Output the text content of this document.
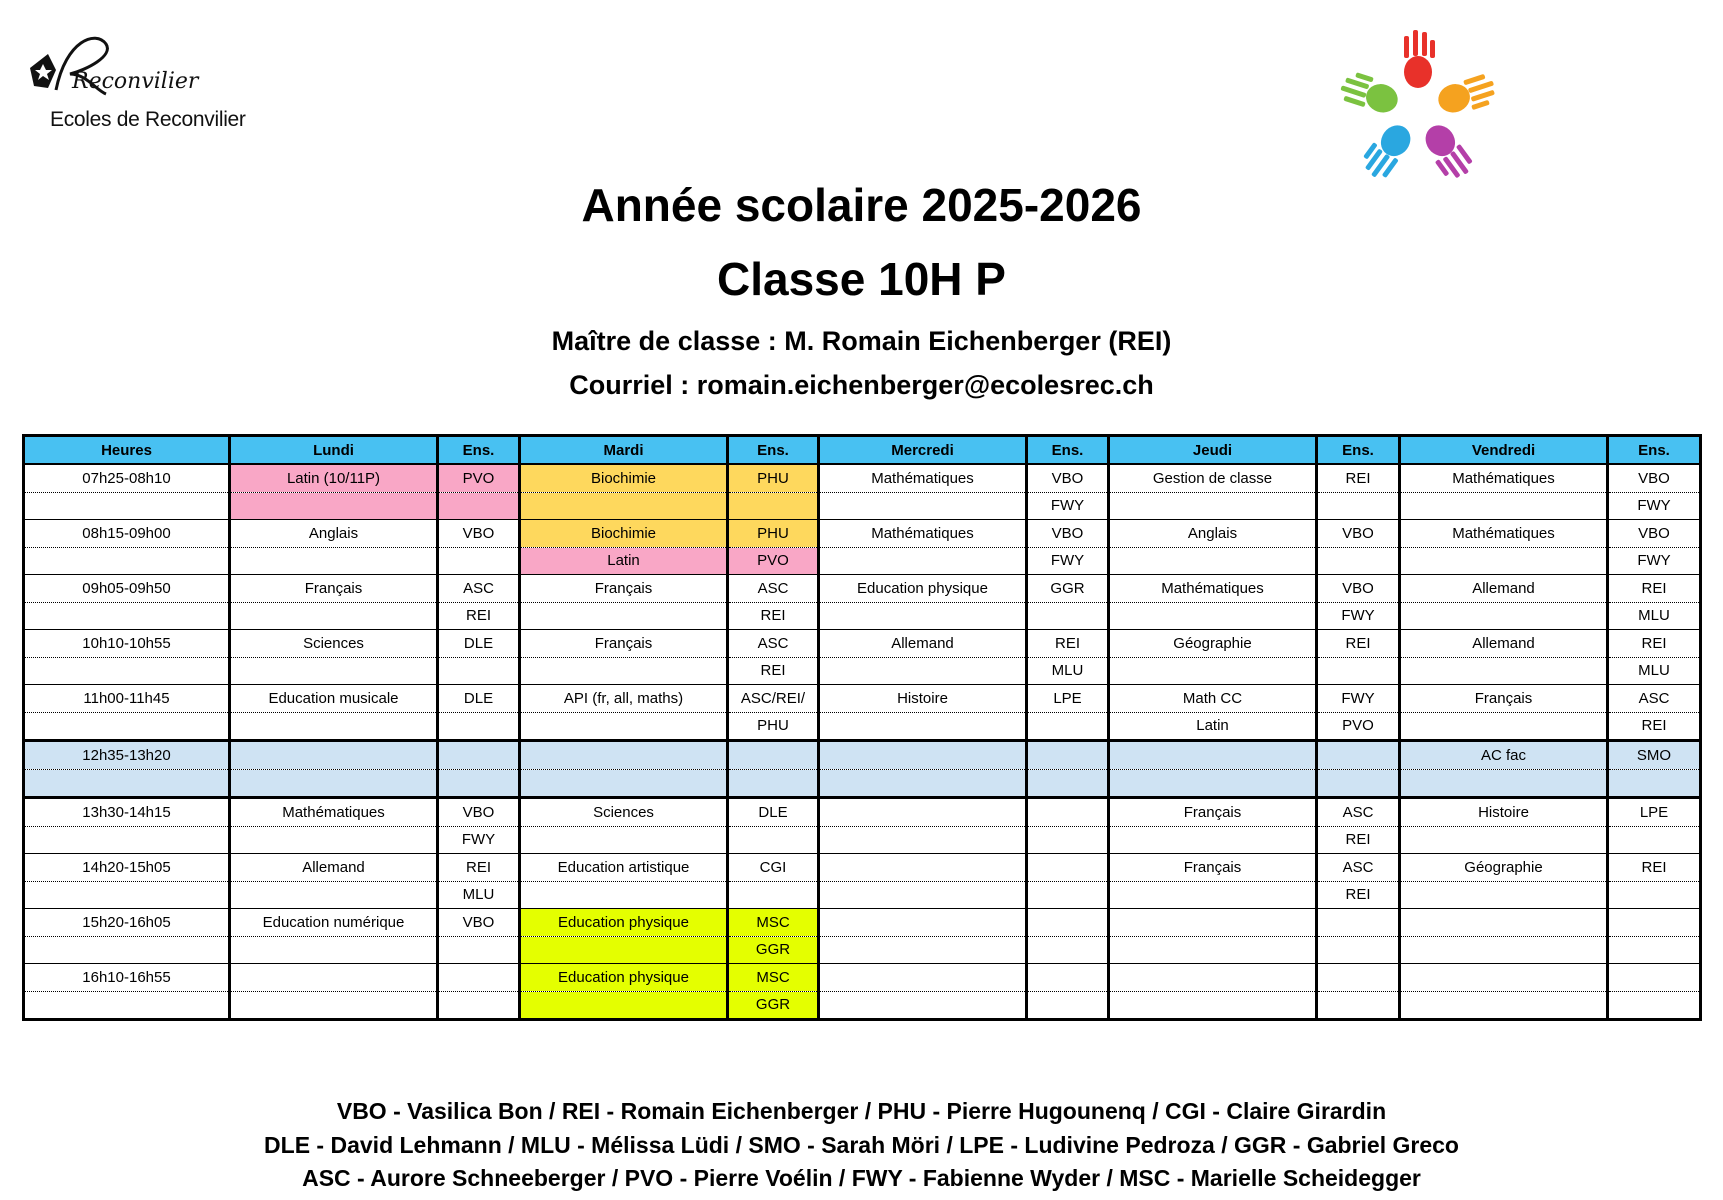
Reconvilier
Ecoles de Reconvilier
Année scolaire 2025-2026
Classe 10H P
Maître de classe : M. Romain Eichenberger (REI)
Courriel : romain.eichenberger@ecolesrec.ch
Heures	Lundi	Ens.	Mardi	Ens.	Mercredi	Ens.	Jeudi	Ens.	Vendredi	Ens.
07h25-08h10	Latin (10/11P)	PVO	Biochimie	PHU	Mathématiques	VBO	Gestion de classe	REI	Mathématiques	VBO
						FWY				FWY
08h15-09h00	Anglais	VBO	Biochimie	PHU	Mathématiques	VBO	Anglais	VBO	Mathématiques	VBO
			Latin	PVO		FWY				FWY
09h05-09h50	Français	ASC	Français	ASC	Education physique	GGR	Mathématiques	VBO	Allemand	REI
		REI		REI				FWY		MLU
10h10-10h55	Sciences	DLE	Français	ASC	Allemand	REI	Géographie	REI	Allemand	REI
				REI		MLU				MLU
11h00-11h45	Education musicale	DLE	API (fr, all, maths)	ASC/REI/	Histoire	LPE	Math CC	FWY	Français	ASC
				PHU			Latin	PVO		REI
12h35-13h20									AC fac	SMO

13h30-14h15	Mathématiques	VBO	Sciences	DLE			Français	ASC	Histoire	LPE
		FWY						REI		
14h20-15h05	Allemand	REI	Education artistique	CGI			Français	ASC	Géographie	REI
		MLU						REI		
15h20-16h05	Education numérique	VBO	Education physique	MSC						
				GGR						
16h10-16h55			Education physique	MSC						
				GGR						
VBO - Vasilica Bon / REI - Romain Eichenberger / PHU - Pierre Hugounenq / CGI - Claire Girardin
DLE - David Lehmann / MLU - Mélissa Lüdi / SMO - Sarah Möri / LPE - Ludivine Pedroza / GGR - Gabriel Greco
ASC - Aurore Schneeberger / PVO - Pierre Voélin / FWY - Fabienne Wyder / MSC - Marielle Scheidegger
